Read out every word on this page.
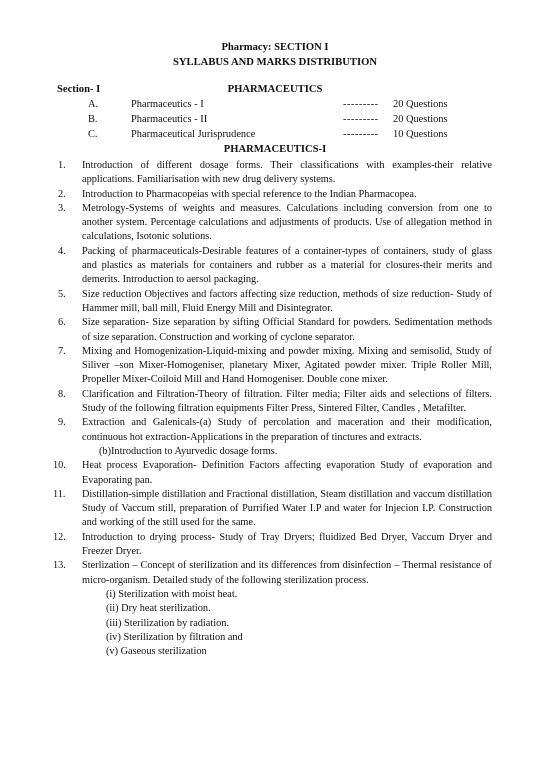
Pharmacy: SECTION I
SYLLABUS AND MARKS DISTRIBUTION
Section- I	PHARMACEUTICS
A.	Pharmaceutics - I	--------- 20 Questions
B.	Pharmaceutics - II	--------- 20 Questions
C.	Pharmaceutical Jurisprudence	--------- 10 Questions
PHARMACEUTICS-I
1.	Introduction of different dosage forms. Their classifications with examples-their relative applications. Familiarisation with new drug delivery systems.
2.	Introduction to Pharmacopeias with special reference to the Indian Pharmacopea.
3.	Metrology-Systems of weights and measures. Calculations including conversion from one to another system. Percentage calculations and adjustments of products. Use of allegation method in calculations, Isotonic solutions.
4.	Packing of pharmaceuticals-Desirable features of a container-types of containers, study of glass and plastics as materials for containers and rubber as a material for closures-their merits and demerits. Introduction to aersol packaging.
5.	Size reduction Objectives and factors affecting size reduction, methods of size reduction- Study of Hammer mill, ball mill, Fluid Energy Mill and Disintegrator.
6.	Size separation- Size separation by sifting Official Standard for powders. Sedimentation methods of size separation. Construction and working of cyclone separator.
7.	Mixing and Homogenization-Liquid-mixing and powder mixing. Mixing and semisolid, Study of Siliver –son Mixer-Homogeniser, planetary Mixer, Agitated powder mixer. Triple Roller Mill, Propeller Mixer-Coiloid Mill and Hand Homogeniser. Double cone mixer.
8.	Clarification and Filtration-Theory of filtration. Filter media; Filter aids and selections of filters. Study of the following filtration equipments Filter Press, Sintered Filter, Candles , Metafilter.
9.	Extraction and Galenicals-(a) Study of percolation and maceration and their modification, continuous hot extraction-Applications in the preparation of tinctures and extracts.
(b)Introduction to Ayurvedic dosage forms.
10.	Heat process Evaporation- Definition Factors affecting evaporation Study of evaporation and Evaporating pan.
11.	Distillation-simple distillation and Fractional distillation, Steam distillation and vaccum distillation Study of Vaccum still, preparation of Purrified Water I.P and water for Injecion I.P. Construction and working of the still used for the same.
12.	Introduction to drying process- Study of Tray Dryers; fluidized Bed Dryer, Vaccum Dryer and Freezer Dryer.
13.	Sterlization – Concept of sterilization and its differences from disinfection – Thermal resistance of micro-organism. Detailed study of the following sterilization process.
(i) Sterilization with moist heat.
(ii) Dry heat sterilization.
(iii) Sterilization by radiation.
(iv) Sterilization by filtration and
(v) Gaseous sterilization
